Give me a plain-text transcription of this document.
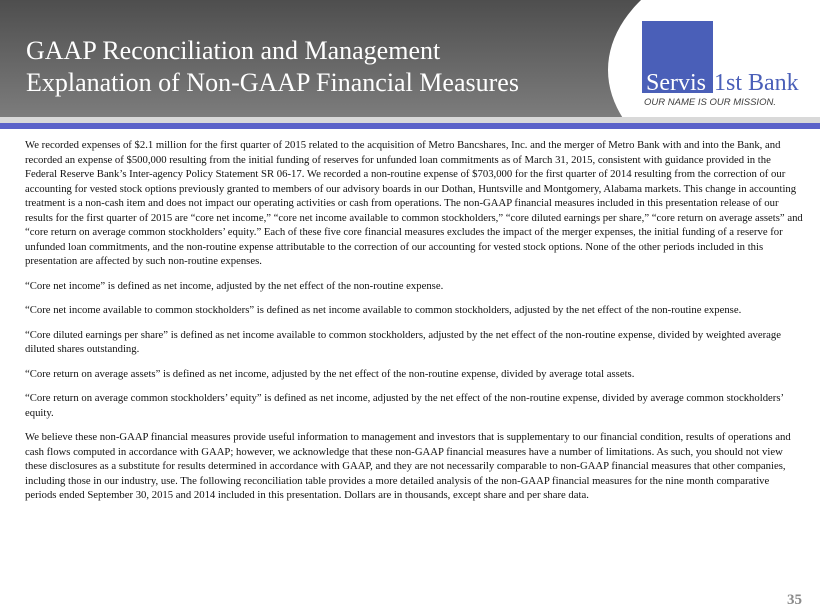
GAAP Reconciliation and Management
Explanation of Non-GAAP Financial Measures	Servis 1st Bank
OUR NAME IS OUR MISSION.

We recorded expenses of $2.1 million for the first quarter of 2015 related to the acquisition of Metro Bancshares, Inc. and the merger of Metro Bank with and into the Bank, and recorded an expense of $500,000 resulting from the initial funding of reserves for unfunded loan commitments as of March 31, 2015, consistent with guidance provided in the Federal Reserve Bank’s Inter-agency Policy Statement SR 06-17. We recorded a non-routine expense of $703,000 for the first quarter of 2014 resulting from the correction of our accounting for vested stock options previously granted to members of our advisory boards in our Dothan, Huntsville and Montgomery, Alabama markets. This change in accounting treatment is a non-cash item and does not impact our operating activities or cash from operations. The non-GAAP financial measures included in this presentation release of our results for the first quarter of 2015 are “core net income,” “core net income available to common stockholders,” “core diluted earnings per share,” “core return on average assets” and “core return on average common stockholders’ equity.” Each of these five core financial measures excludes the impact of the merger expenses, the initial funding of a reserve for unfunded loan commitments, and the non-routine expense attributable to the correction of our accounting for vested stock options. None of the other periods included in this presentation are affected by such non-routine expenses.

“Core net income” is defined as net income, adjusted by the net effect of the non-routine expense.

“Core net income available to common stockholders” is defined as net income available to common stockholders, adjusted by the net effect of the non-routine expense.

“Core diluted earnings per share” is defined as net income available to common stockholders, adjusted by the net effect of the non-routine expense, divided by weighted average diluted shares outstanding.

“Core return on average assets” is defined as net income, adjusted by the net effect of the non-routine expense, divided by average total assets.

“Core return on average common stockholders’ equity” is defined as net income, adjusted by the net effect of the non-routine expense, divided by average common stockholders’ equity.

We believe these non-GAAP financial measures provide useful information to management and investors that is supplementary to our financial condition, results of operations and cash flows computed in accordance with GAAP; however, we acknowledge that these non-GAAP financial measures have a number of limitations. As such, you should not view these disclosures as a substitute for results determined in accordance with GAAP, and they are not necessarily comparable to non-GAAP financial measures that other companies, including those in our industry, use. The following reconciliation table provides a more detailed analysis of the non-GAAP financial measures for the nine month comparative periods ended September 30, 2015 and 2014 included in this presentation. Dollars are in thousands, except share and per share data.

35
